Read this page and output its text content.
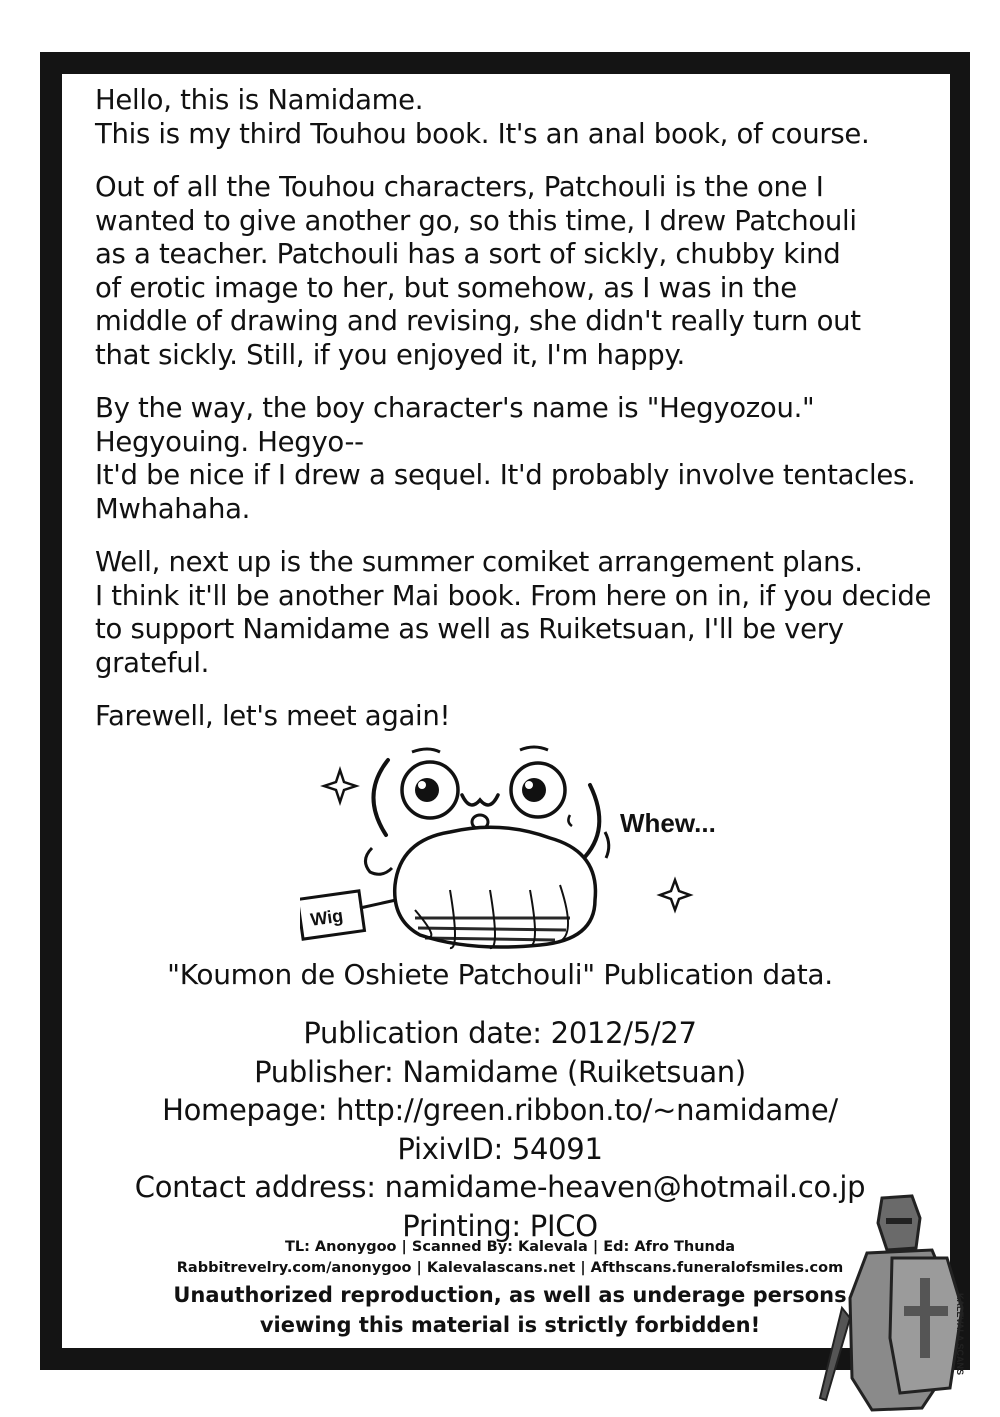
Hello, this is Namidame.
This is my third Touhou book. It's an anal book, of course.

Out of all the Touhou characters, Patchouli is the one I
wanted to give another go, so this time, I drew Patchouli
as a teacher. Patchouli has a sort of sickly, chubby kind
of erotic image to her, but somehow, as I was in the
middle of drawing and revising, she didn't really turn out
that sickly. Still, if you enjoyed it, I'm happy.

By the way, the boy character's name is "Hegyozou."
Hegyouing. Hegyo--
It'd be nice if I drew a sequel. It'd probably involve tentacles.
Mwhahaha.

Well, next up is the summer comiket arrangement plans.
I think it'll be another Mai book. From here on in, if you decide
to support Namidame as well as Ruiketsuan, I'll be very grateful.

Farewell, let's meet again!

Wig
Whew...
"Koumon de Oshiete Patchouli" Publication data.
Publication date: 2012/5/27
Publisher: Namidame (Ruiketsuan)
Homepage: http://green.ribbon.to/~namidame/
PixivID: 54091
Contact address: namidame-heaven@hotmail.co.jp
Printing: PICO
TL: Anonygoo | Scanned By: Kalevala | Ed: Afro Thunda
Rabbitrevelry.com/anonygoo | Kalevalascans.net | Afthscans.funeralofsmiles.com
Unauthorized reproduction, as well as underage persons
viewing this material is strictly forbidden!	KALEVALA SCANS
